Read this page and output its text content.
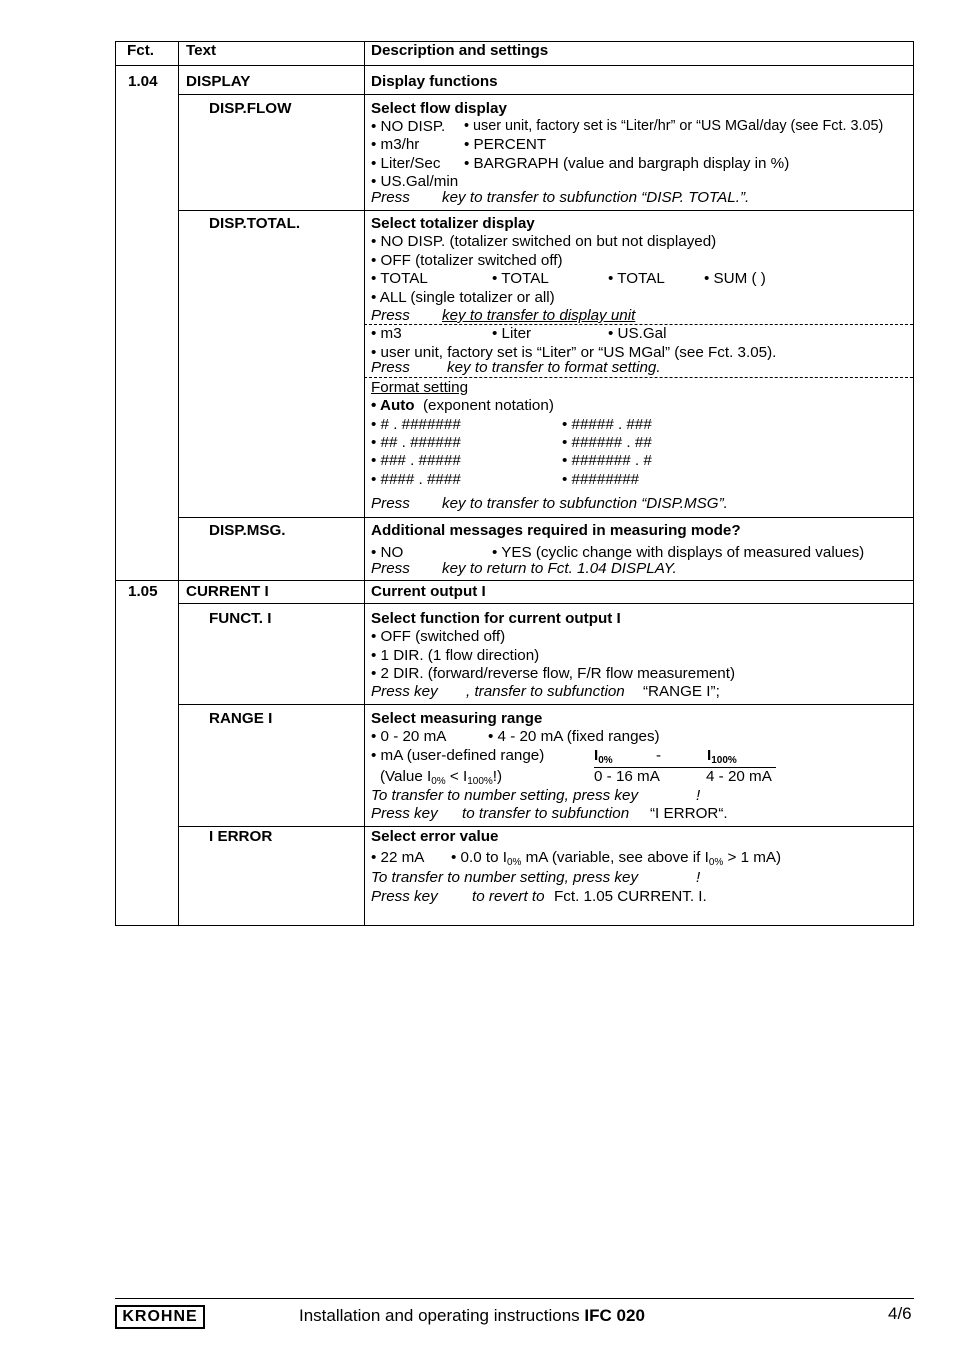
Fct. Text	Description and settings
1.04 DISPLAY	Display functions
DISP.FLOW	Select flow display
• NO DISP. • user unit, factory set is “Liter/hr” or “US MGal/day (see Fct. 3.05)
• m3/hr	• PERCENT
• Liter/Sec • BARGRAPH (value and bargraph display in %)
• US.Gal/min
Press key to transfer to subfunction “DISP. TOTAL.”.
DISP.TOTAL.	Select totalizer display
• NO DISP. (totalizer switched on but not displayed)
• OFF (totalizer switched off)
• TOTAL	• TOTAL	• TOTAL	• SUM ( )
• ALL (single totalizer or all)
Press key to transfer to display unit
• m3	• Liter	• US.Gal
• user unit, factory set is “Liter” or “US MGal” (see Fct. 3.05).
Press key to transfer to format setting.
Format setting
• Auto (exponent notation)
• # . #######	• ##### . ###
• ## . ######	• ###### . ##
• ### . #####	• ####### . #
• #### . ####	• ########
Press key to transfer to subfunction “DISP.MSG”.
DISP.MSG.	Additional messages required in measuring mode?
• NO	• YES (cyclic change with displays of measured values)
Press key to return to Fct. 1.04 DISPLAY.
1.05 CURRENT I	Current output I
FUNCT. I	Select function for current output I
• OFF (switched off)
• 1 DIR. (1 flow direction)
• 2 DIR. (forward/reverse flow, F/R flow measurement)
Press key , transfer to subfunction “RANGE I”;
RANGE I	Select measuring range
• 0 - 20 mA	• 4 - 20 mA (fixed ranges)
• mA (user-defined range)	$I_{0\%}$	-	$I_{100\%}$
(Value $I_{0\%} < I_{100\%}$!)	0 - 16 mA	4 - 20 mA
To transfer to number setting, press key	!
Press key to transfer to subfunction “I ERROR“.
I ERROR	Select error value
• 22 mA • 0.0 to $I_{0\%}$ mA (variable, see above if $I_{0\%} > 1$ mA)
To transfer to number setting, press key	!
Press key to revert to Fct. 1.05 CURRENT. I.
KROHNE	Installation and operating instructions IFC 020	4/6
